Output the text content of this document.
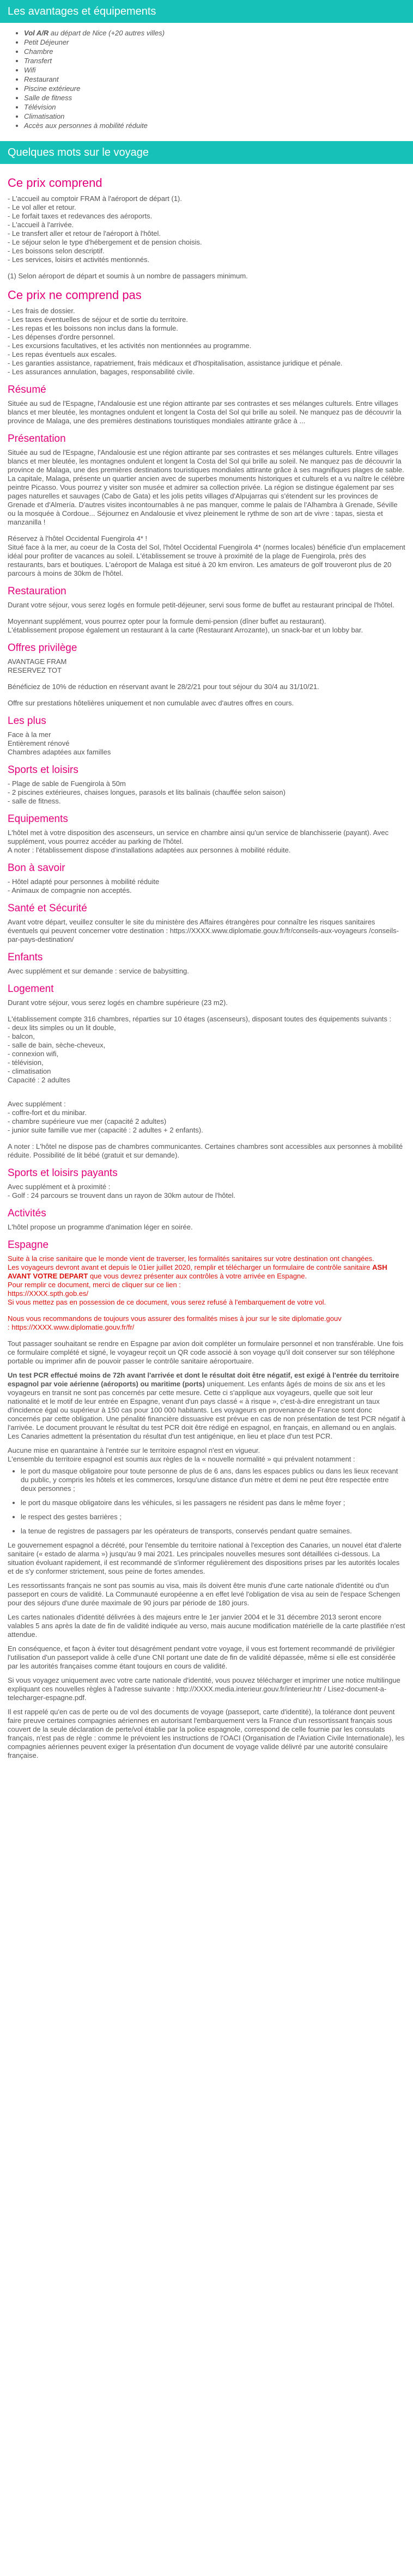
Les avantages et équipements
• Vol A/R au départ de Nice (+20 autres villes)
• Petit Déjeuner
• Chambre
• Transfert
• Wifi
• Restaurant
• Piscine extérieure
• Salle de fitness
• Télévision
• Climatisation
• Accès aux personnes à mobilité réduite
Quelques mots sur le voyage
Ce prix comprend

- L'accueil au comptoir FRAM à l'aéroport de départ (1).

- Le vol aller et retour.

- Le forfait taxes et redevances des aéroports.

- L'accueil à l'arrivée.

- Le transfert aller et retour de l'aéroport à l'hôtel.

- Le séjour selon le type d'hébergement et de pension choisis.

- Les boissons selon descriptif.

- Les services, loisirs et activités mentionnés.

(1) Selon aéroport de départ et soumis à un nombre de passagers minimum.

Ce prix ne comprend pas

- Les frais de dossier.

- Les taxes éventuelles de séjour et de sortie du territoire.

- Les repas et les boissons non inclus dans la formule.

- Les dépenses d'ordre personnel.

- Les excursions facultatives, et les activités non mentionnées au programme.

- Les repas éventuels aux escales.

- Les garanties assistance, rapatriement, frais médicaux et d'hospitalisation, assistance juridique et pénale.

- Les assurances annulation, bagages, responsabilité civile.

Résumé

Située au sud de l'Espagne, l'Andalousie est une région attirante par ses contrastes et ses mélanges culturels. Entre villages blancs et mer bleutée, les montagnes ondulent et longent la Costa del Sol qui brille au soleil. Ne manquez pas de découvrir la province de Malaga, une des premières destinations touristiques mondiales attirante grâce à ...

Présentation

Située au sud de l'Espagne, l'Andalousie est une région attirante par ses contrastes et ses mélanges culturels. Entre villages blancs et mer bleutée, les montagnes ondulent et longent la Costa del Sol qui brille au soleil. Ne manquez pas de découvrir la province de Malaga, une des premières destinations touristiques mondiales attirante grâce à ses magnifiques plages de sable. La capitale, Malaga, présente un quartier ancien avec de superbes monuments historiques et culturels et a vu naître le célèbre peintre Picasso. Vous pourrez y visiter son musée et admirer sa collection privée. La région se distingue également par ses pages naturelles et sauvages (Cabo de Gata) et les jolis petits villages d'Alpujarras qui s'étendent sur les provinces de Grenade et d'Almería. D'autres visites incontournables à ne pas manquer, comme le palais de l'Alhambra à Grenade, Séville ou la mosquée à Cordoue... Séjournez en Andalousie et vivez pleinement le rythme de son art de vivre : tapas, siesta et manzanilla !

Réservez à l'hôtel Occidental Fuengirola 4* !

Situé face à la mer, au coeur de la Costa del Sol, l'hôtel Occidental Fuengirola 4* (normes locales) bénéficie d'un emplacement idéal pour profiter de vacances au soleil. L'établissement se trouve à proximité de la plage de Fuengirola, près des restaurants, bars et boutiques. L'aéroport de Malaga est situé à 20 km environ. Les amateurs de golf trouveront plus de 20 parcours à moins de 30km de l'hôtel.

Restauration

Durant votre séjour, vous serez logés en formule petit-déjeuner, servi sous forme de buffet au restaurant principal de l'hôtel.

Moyennant supplément, vous pourrez opter pour la formule demi-pension (dîner buffet au restaurant).

L'établissement propose également un restaurant à la carte (Restaurant Arrozante), un snack-bar et un lobby bar.

Offres privilège

AVANTAGE FRAM

RESERVEZ TOT

Bénéficiez de 10% de réduction en réservant avant le 28/2/21 pour tout séjour du 30/4 au 31/10/21.

Offre sur prestations hôtelières uniquement et non cumulable avec d'autres offres en cours.

Les plus

Face à la mer

Entièrement rénové

Chambres adaptées aux familles

Sports et loisirs

- Plage de sable de Fuengirola à 50m

- 2 piscines extérieures, chaises longues, parasols et lits balinais (chauffée selon saison)

- salle de fitness.

Equipements

L'hôtel met à votre disposition des ascenseurs, un service en chambre ainsi qu'un service de blanchisserie (payant). Avec supplément, vous pourrez accéder au parking de l'hôtel.

A noter : l'établissement dispose d'installations adaptées aux personnes à mobilité réduite.

Bon à savoir

- Hôtel adapté pour personnes à mobilité réduite

- Animaux de compagnie non acceptés.

Santé et Sécurité

Avant votre départ, veuillez consulter le site du ministère des Affaires étrangères pour connaître les risques sanitaires éventuels qui peuvent concerner votre destination : https://XXXX.www.diplomatie.gouv.fr/fr/conseils-aux-voyageurs /conseils-par-pays-destination/

Enfants

Avec supplément et sur demande : service de babysitting.

Logement

Durant votre séjour, vous serez logés en chambre supérieure (23 m2).

L'établissement compte 316 chambres, réparties sur 10 étages (ascenseurs), disposant toutes des équipements suivants :

- deux lits simples ou un lit double,

- balcon,

- salle de bain, sèche-cheveux,

- connexion wifi,

- télévision,

- climatisation

Capacité : 2 adultes

Avec supplément :

- coffre-fort et du minibar.

- chambre supérieure vue mer (capacité 2 adultes)

- junior suite famille vue mer (capacité : 2 adultes + 2 enfants).

A noter : L'hôtel ne dispose pas de chambres communicantes. Certaines chambres sont accessibles aux personnes à mobilité réduite. Possibilité de lit bébé (gratuit et sur demande).

Sports et loisirs payants

Avec supplément et à proximité :

- Golf : 24 parcours se trouvent dans un rayon de 30km autour de l'hôtel.

Activités

L'hôtel propose un programme d'animation léger en soirée.

Espagne

Suite à la crise sanitaire que le monde vient de traverser, les formalités sanitaires sur votre destination ont changées.

Les voyageurs devront avant et depuis le 01ier juillet 2020, remplir et télécharger un formulaire de contrôle sanitaire ASH AVANT VOTRE DEPART que vous devrez présenter aux contrôles à votre arrivée en Espagne.

Pour remplir ce document, merci de cliquer sur ce lien :

https://XXXX.spth.gob.es/

Si vous mettez pas en possession de ce document, vous serez refusé à l'embarquement de votre vol.

Nous vous recommandons de toujours vous assurer des formalités mises à jour sur le site diplomatie.gouv

: https://XXXX.www.diplomatie.gouv.fr/fr/

Tout passager souhaitant se rendre en Espagne par avion doit compléter un formulaire personnel et non transférable. Une fois ce formulaire complété et signé, le voyageur reçoit un QR code associé à son voyage qu'il doit conserver sur son téléphone portable ou imprimer afin de pouvoir passer le contrôle sanitaire aéroportuaire.

Un test PCR effectué moins de 72h avant l'arrivée et dont le résultat doit être négatif, est exigé à l'entrée du territoire espagnol par voie aérienne (aéroports) ou maritime (ports) uniquement. Les enfants âgés de moins de six ans et les voyageurs en transit ne sont pas concernés par cette mesure. Cette ci s'applique aux voyageurs, quelle que soit leur nationalité et le motif de leur entrée en Espagne, venant d'un pays classé « à risque », c'est-à-dire enregistrant un taux d'incidence égal ou supérieur à 150 cas pour 100 000 habitants. Les voyageurs en provenance de France sont donc concernés par cette obligation. Une pénalité financière dissuasive est prévue en cas de non présentation de test PCR négatif à l'arrivée. Le document prouvant le résultat du test PCR doit être rédigé en espagnol, en français, en allemand ou en anglais. Les Canaries admettent la présentation du résultat d'un test antigénique, en lieu et place d'un test PCR.

Aucune mise en quarantaine à l'entrée sur le territoire espagnol n'est en vigueur.

L'ensemble du territoire espagnol est soumis aux règles de la « nouvelle normalité » qui prévalent notamment :

• le port du masque obligatoire pour toute personne de plus de 6 ans, dans les espaces publics ou dans les lieux recevant du public, y compris les hôtels et les commerces, lorsqu'une distance d'un mètre et demi ne peut être respectée entre deux personnes ;
• le port du masque obligatoire dans les véhicules, si les passagers ne résident pas dans le même foyer ;
• le respect des gestes barrières ;
• la tenue de registres de passagers par les opérateurs de transports, conservés pendant quatre semaines.

Le gouvernement espagnol a décrété, pour l'ensemble du territoire national à l'exception des Canaries, un nouvel état d'alerte sanitaire (« estado de alarma ») jusqu'au 9 mai 2021. Les principales nouvelles mesures sont détaillées ci-dessous. La situation évoluant rapidement, il est recommandé de s'informer régulièrement des dispositions prises par les autorités locales et de s'y conformer strictement, sous peine de fortes amendes.

Les ressortissants français ne sont pas soumis au visa, mais ils doivent être munis d'une carte nationale d'identité ou d'un passeport en cours de validité. La Communauté européenne a en effet levé l'obligation de visa au sein de l'espace Schengen pour des séjours d'une durée maximale de 90 jours par période de 180 jours.

Les cartes nationales d'identité délivrées à des majeurs entre le 1er janvier 2004 et le 31 décembre 2013 seront encore valables 5 ans après la date de fin de validité indiquée au verso, mais aucune modification matérielle de la carte plastifiée n'est attendue.

En conséquence, et façon à éviter tout désagrément pendant votre voyage, il vous est fortement recommandé de privilégier l'utilisation d'un passeport valide à celle d'une CNI portant une date de fin de validité dépassée, même si elle est considérée par les autorités françaises comme étant toujours en cours de validité.

Si vous voyagez uniquement avec votre carte nationale d'identité, vous pouvez télécharger et imprimer une notice multilingue expliquant ces nouvelles règles à l'adresse suivante : http://XXXX.media.interieur.gouv.fr/interieur.htr / Lisez-document-a-telecharger-espagne.pdf.

Il est rappelé qu'en cas de perte ou de vol des documents de voyage (passeport, carte d'identité), la tolérance dont peuvent faire preuve certaines compagnies aériennes en autorisant l'embarquement vers la France d'un ressortissant français sous couvert de la seule déclaration de perte/vol établie par la police espagnole, correspond de celle fournie par les consulats français, n'est pas de règle : comme le prévoient les instructions de l'OACI (Organisation de l'Aviation Civile Internationale), les compagnies aériennes peuvent exiger la présentation d'un document de voyage valide délivré par une autorité consulaire française.
